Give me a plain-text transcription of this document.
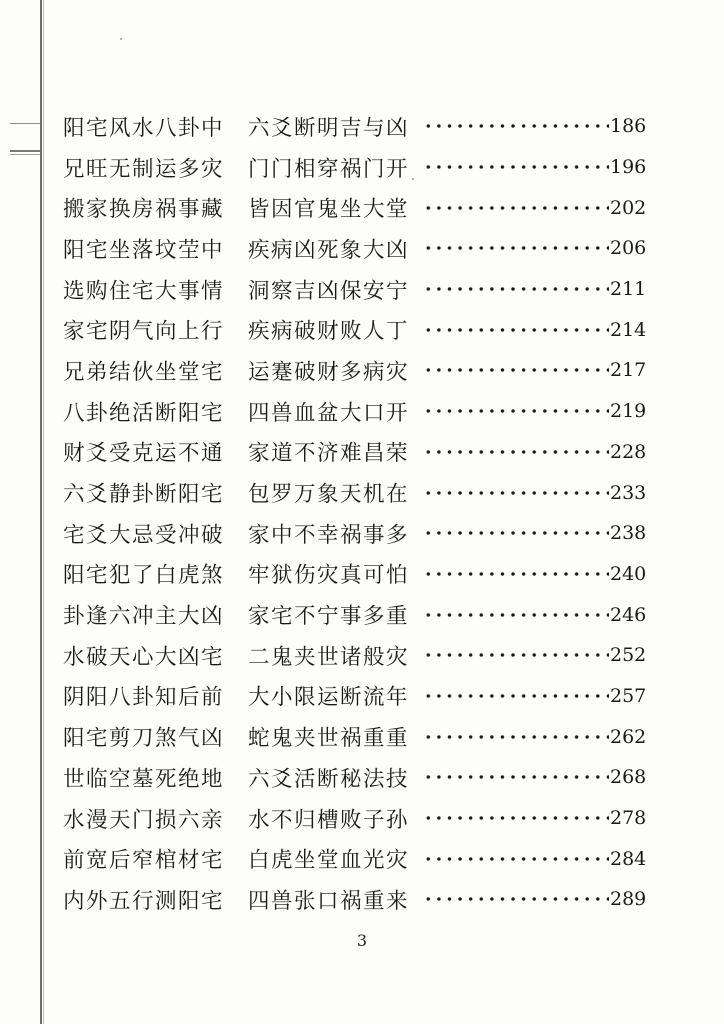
阳宅风水八卦中 六爻断明吉与凶	186
兄旺无制运多灾 门门相穿祸门开	196
搬家换房祸事藏 皆因官鬼坐大堂	202
阳宅坐落坟茔中 疾病凶死象大凶	206
选购住宅大事情 洞察吉凶保安宁	211
家宅阴气向上行 疾病破财败人丁	214
兄弟结伙坐堂宅 运蹇破财多病灾	217
八卦绝活断阳宅 四兽血盆大口开	219
财爻受克运不通 家道不济难昌荣	228
六爻静卦断阳宅 包罗万象天机在	233
宅爻大忌受冲破 家中不幸祸事多	238
阳宅犯了白虎煞 牢狱伤灾真可怕	240
卦逢六冲主大凶 家宅不宁事多重	246
水破天心大凶宅 二鬼夹世诸般灾	252
阴阳八卦知后前 大小限运断流年	257
阳宅剪刀煞气凶 蛇鬼夹世祸重重	262
世临空墓死绝地 六爻活断秘法技	268
水漫天门损六亲 水不归槽败子孙	278
前宽后窄棺材宅 白虎坐堂血光灾	284
内外五行测阳宅 四兽张口祸重来	289
3
